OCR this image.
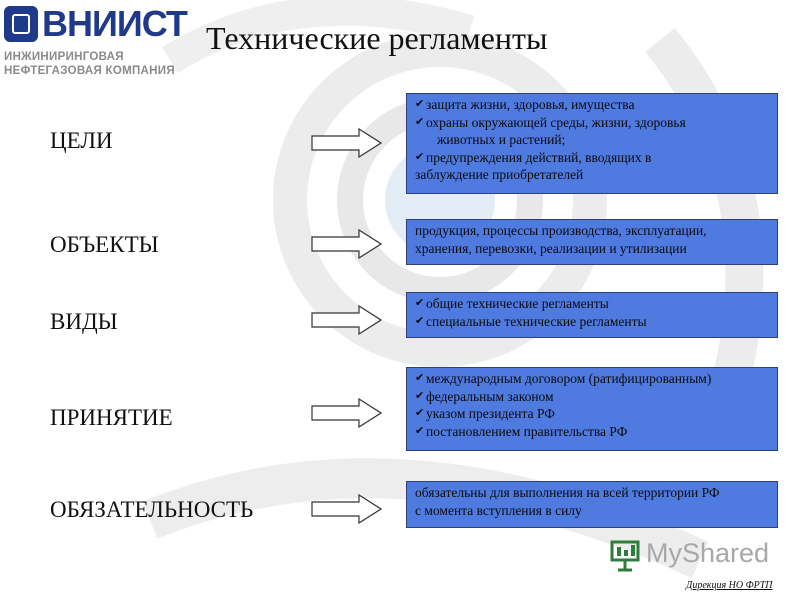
ВНИИСТ
ИНЖИНИРИНГОВАЯ
НЕФТЕГАЗОВАЯ КОМПАНИЯ
Технические регламенты
ЦЕЛИ
✔ защита жизни, здоровья, имущества
✔ охраны окружающей среды, жизни, здоровья
животных и растений;
✔ предупреждения действий, вводящих в
заблуждение приобретателей
ОБЪЕКТЫ
продукция, процессы производства, эксплуатации,
хранения, перевозки, реализации и утилизации
ВИДЫ
✔ общие технические регламенты
✔ специальные технические регламенты
ПРИНЯТИЕ
✔ международным договором (ратифицированным)
✔ федеральным законом
✔ указом президента РФ
✔ постановлением правительства РФ
ОБЯЗАТЕЛЬНОСТЬ
обязательны для выполнения на всей территории РФ
с момента вступления в силу
MyShared
Дирекция НО ФРТП
